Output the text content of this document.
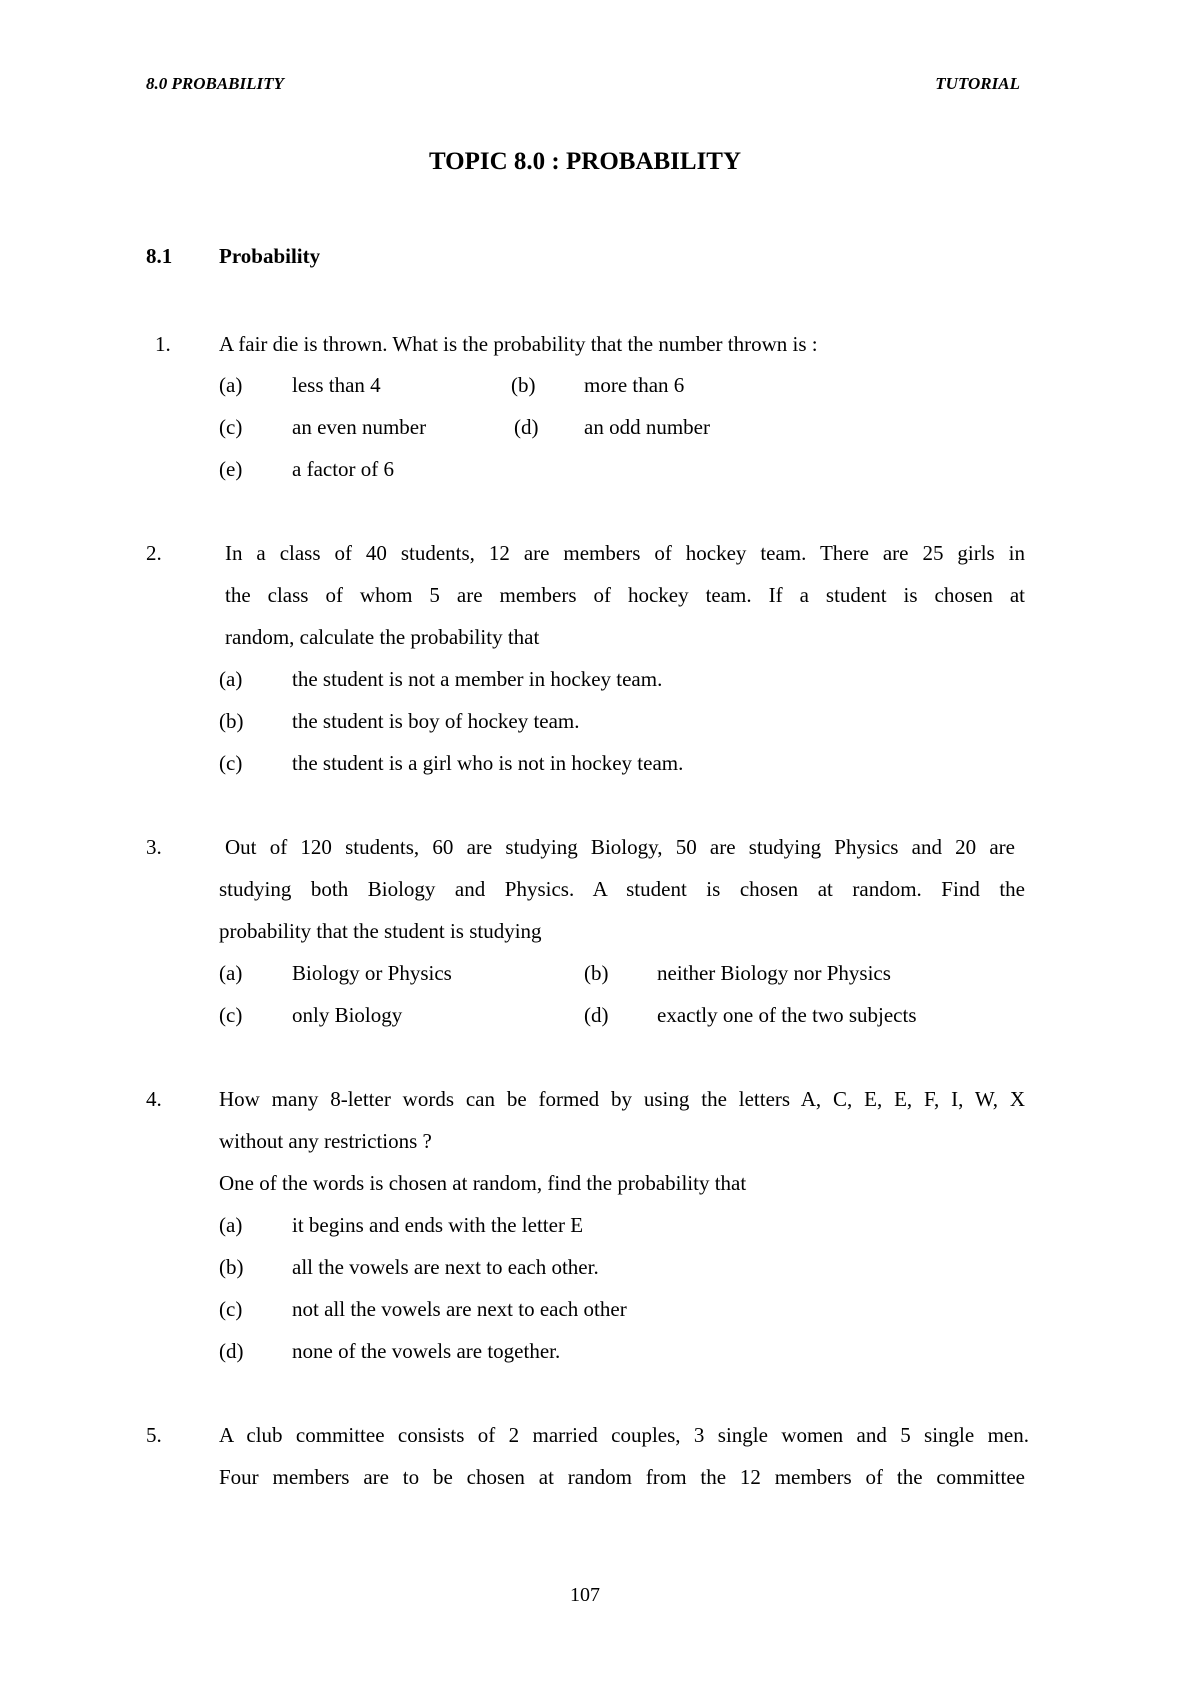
8.0 PROBABILITY	TUTORIAL
TOPIC 8.0 : PROBABILITY
8.1 Probability
1. A fair die is thrown. What is the probability that the number thrown is :
(a) less than 4	(b) more than 6
(c) an even number	(d) an odd number
(e) a factor of 6
2.	In a class of 40 students, 12 are members of hockey team. There are 25 girls in
the class of whom 5 are members of hockey team. If a student is chosen at
random, calculate the probability that
(a) the student is not a member in hockey team.
(b) the student is boy of hockey team.
(c) the student is a girl who is not in hockey team.
3.	Out of 120 students, 60 are studying Biology, 50 are studying Physics and 20 are
studying both Biology and Physics. A student is chosen at random. Find the
probability that the student is studying
(a) Biology or Physics	(b) neither Biology nor Physics
(c) only Biology	(d) exactly one of the two subjects
4.	How many 8-letter words can be formed by using the letters A, C, E, E, F, I, W, X
without any restrictions ?
One of the words is chosen at random, find the probability that
(a) it begins and ends with the letter E
(b) all the vowels are next to each other.
(c) not all the vowels are next to each other
(d) none of the vowels are together.
5.	A club committee consists of 2 married couples, 3 single women and 5 single men.
Four members are to be chosen at random from the 12 members of the committee
107
